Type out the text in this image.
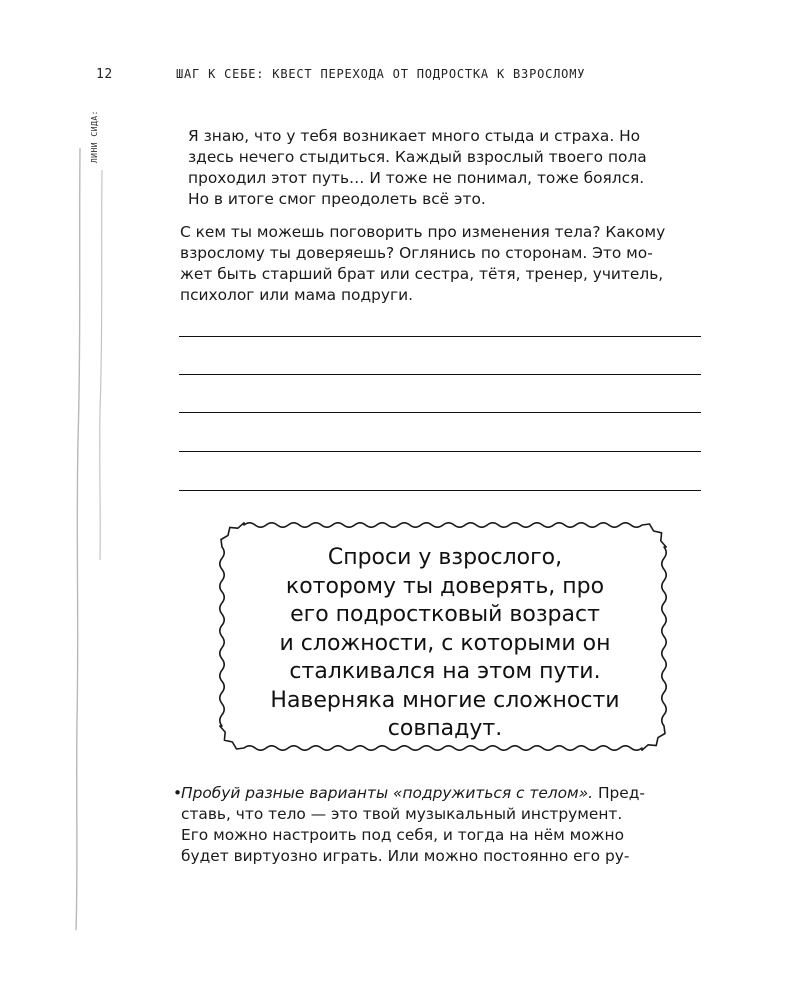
12	ШАГ К СЕБЕ: КВЕСТ ПЕРЕХОДА ОТ ПОДРОСТКА К ВЗРОСЛОМУ
ЛИНИ СИДА:	Я знаю, что у тебя возникает много стыда и страха. Но
здесь нечего стыдиться. Каждый взрослый твоего пола
проходил этот путь… И тоже не понимал, тоже боялся.
Но в итоге смог преодолеть всё это.
С кем ты можешь поговорить про изменения тела? Какому
взрослому ты доверяешь? Оглянись по сторонам. Это мо-
жет быть старший брат или сестра, тётя, тренер, учитель,
психолог или мама подруги.
Спроси у взрослого,
которому ты доверять, про
его подростковый возраст
и сложности, с которыми он
сталкивался на этом пути.
Наверняка многие сложности
совпадут.
•
Пробуй разные варианты «подружиться с телом». Пред-
ставь, что тело — это твой музыкальный инструмент.
Его можно настроить под себя, и тогда на нём можно
будет виртуозно играть. Или можно постоянно его ру-
